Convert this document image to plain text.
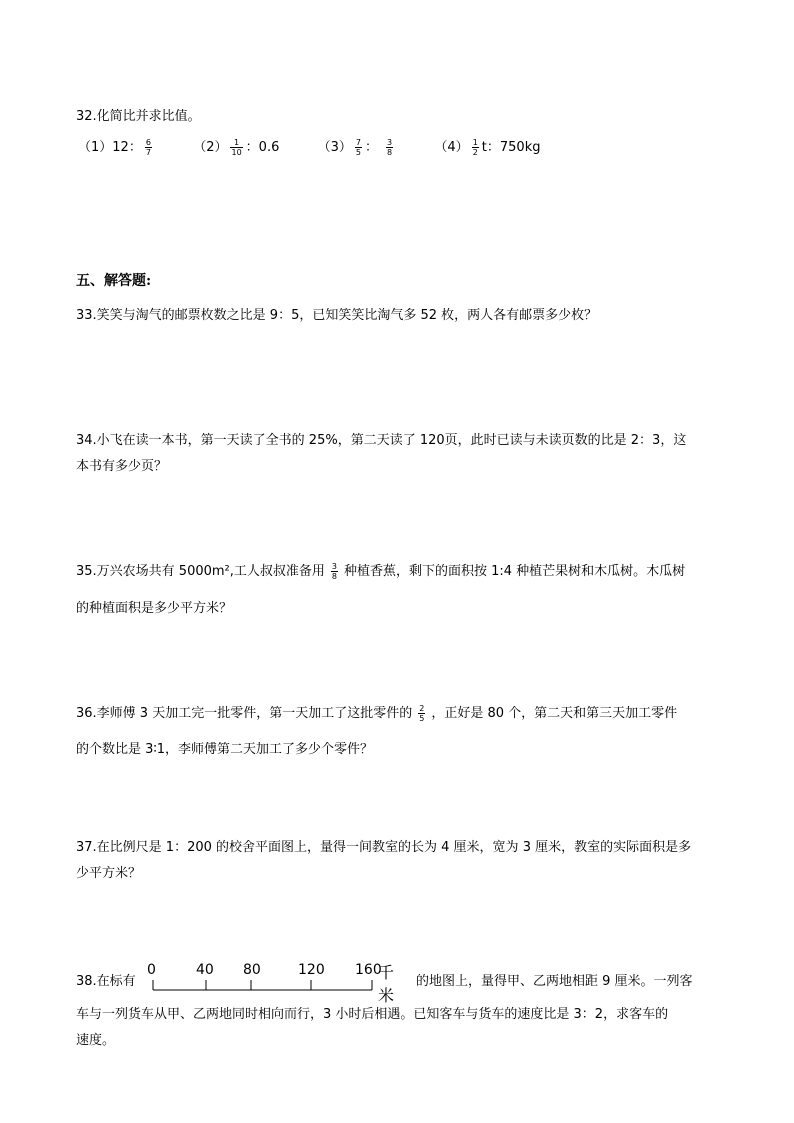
32.化简比并求比值。
（1）12： $\frac{6}{7}$	$(2) \frac{1}{10}$ ：0.6	$(3) \frac{7}{5}$ ： $\frac{3}{8}$	$(4) \frac{1}{2}$ t：750kg
五、解答题:
33.笑笑与淘气的邮票枚数之比是 9：5，已知笑笑比淘气多 52 枚，两人各有邮票多少枚？
34.小飞在读一本书，第一天读了全书的 25%，第二天读了 120页，此时已读与未读页数的比是 2：3，这
本书有多少页？
35.万兴农场共有 5000m²,工人叔叔准备用 $\frac{3}{8}$ 种植香蕉，剩下的面积按 1:4 种植芒果树和木瓜树。木瓜树
的种植面积是多少平方米？
36.李师傅 3 天加工完一批零件，第一天加工了这批零件的 $\frac{2}{5}$ ，正好是 80 个，第二天和第三天加工零件
的个数比是 3∶1，李师傅第二天加工了多少个零件？
37.在比例尺是 1：200 的校舍平面图上，量得一间教室的长为 4 厘米，宽为 3 厘米，教室的实际面积是多
少平方米？
38.在标有
0	40 80	120 160
千米
的地图上，量得甲、乙两地相距 9 厘米。一列客
车与一列货车从甲、乙两地同时相向而行，3 小时后相遇。已知客车与货车的速度比是 3：2，求客车的
速度。
